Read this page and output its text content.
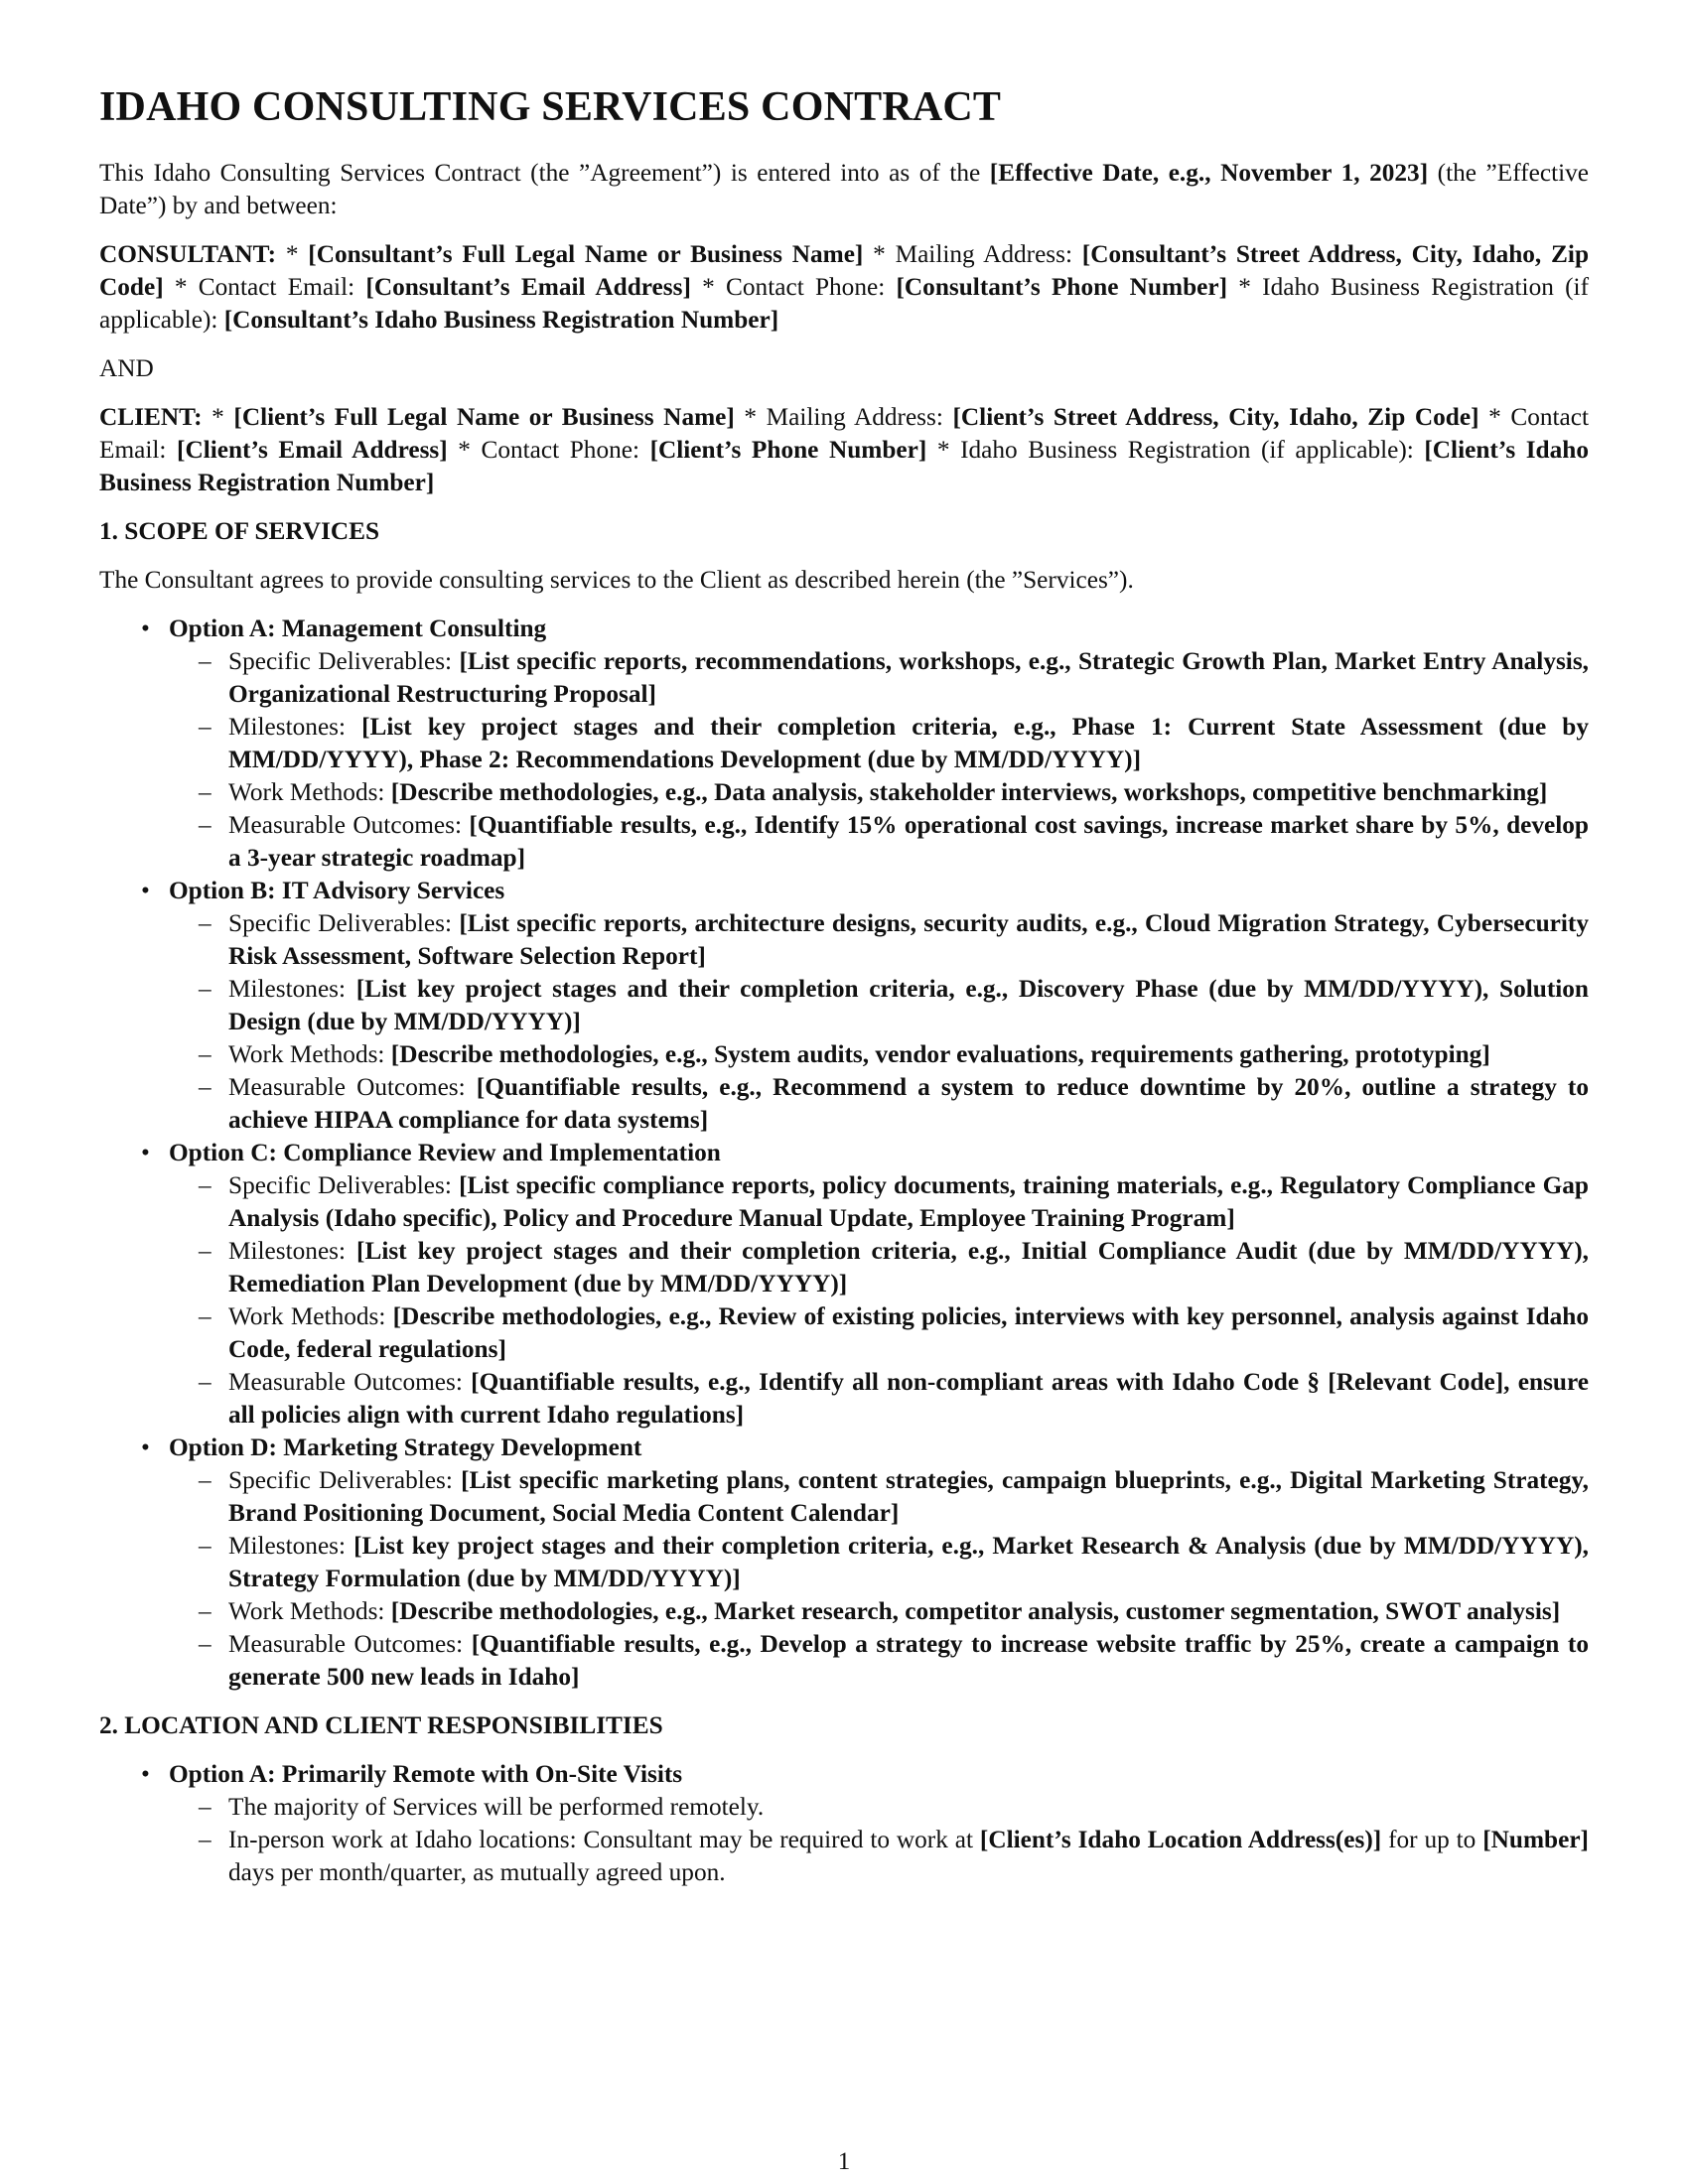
IDAHO CONSULTING SERVICES CONTRACT

This Idaho Consulting Services Contract (the ”Agreement”) is entered into as of the [Effective Date, e.g., November 1, 2023] (the ”Effective Date”) by and between:

CONSULTANT: * [Consultant’s Full Legal Name or Business Name] * Mailing Address: [Consultant’s Street Address, City, Idaho, Zip Code] * Contact Email: [Consultant’s Email Address] * Contact Phone: [Consultant’s Phone Number] * Idaho Business Registration (if applicable): [Consultant’s Idaho Business Registration Number]

AND

CLIENT: * [Client’s Full Legal Name or Business Name] * Mailing Address: [Client’s Street Address, City, Idaho, Zip Code] * Contact Email: [Client’s Email Address] * Contact Phone: [Client’s Phone Number] * Idaho Business Registration (if applicable): [Client’s Idaho Business Registration Number]

1. SCOPE OF SERVICES

The Consultant agrees to provide consulting services to the Client as described herein (the ”Services”).

• Option A: Management Consulting
– Specific Deliverables: [List specific reports, recommendations, workshops, e.g., Strategic Growth Plan, Market Entry Analysis, Organizational Restructuring Proposal]
– Milestones: [List key project stages and their completion criteria, e.g., Phase 1: Current State Assessment (due by MM/DD/YYYY), Phase 2: Recommendations Development (due by MM/DD/YYYY)]
– Work Methods: [Describe methodologies, e.g., Data analysis, stakeholder interviews, workshops, competitive benchmarking]
– Measurable Outcomes: [Quantifiable results, e.g., Identify 15% operational cost savings, increase market share by 5%, develop a 3-year strategic roadmap]
• Option B: IT Advisory Services
– Specific Deliverables: [List specific reports, architecture designs, security audits, e.g., Cloud Migration Strategy, Cybersecurity Risk Assessment, Software Selection Report]
– Milestones: [List key project stages and their completion criteria, e.g., Discovery Phase (due by MM/DD/YYYY), Solution Design (due by MM/DD/YYYY)]
– Work Methods: [Describe methodologies, e.g., System audits, vendor evaluations, requirements gathering, prototyping]
– Measurable Outcomes: [Quantifiable results, e.g., Recommend a system to reduce downtime by 20%, outline a strategy to achieve HIPAA compliance for data systems]
• Option C: Compliance Review and Implementation
– Specific Deliverables: [List specific compliance reports, policy documents, training materials, e.g., Regulatory Compliance Gap Analysis (Idaho specific), Policy and Procedure Manual Update, Employee Training Program]
– Milestones: [List key project stages and their completion criteria, e.g., Initial Compliance Audit (due by MM/DD/YYYY), Remediation Plan Development (due by MM/DD/YYYY)]
– Work Methods: [Describe methodologies, e.g., Review of existing policies, interviews with key personnel, analysis against Idaho Code, federal regulations]
– Measurable Outcomes: [Quantifiable results, e.g., Identify all non-compliant areas with Idaho Code § [Relevant Code], ensure all policies align with current Idaho regulations]
• Option D: Marketing Strategy Development
– Specific Deliverables: [List specific marketing plans, content strategies, campaign blueprints, e.g., Digital Marketing Strategy, Brand Positioning Document, Social Media Content Calendar]
– Milestones: [List key project stages and their completion criteria, e.g., Market Research & Analysis (due by MM/DD/YYYY), Strategy Formulation (due by MM/DD/YYYY)]
– Work Methods: [Describe methodologies, e.g., Market research, competitor analysis, customer segmentation, SWOT analysis]
– Measurable Outcomes: [Quantifiable results, e.g., Develop a strategy to increase website traffic by 25%, create a campaign to generate 500 new leads in Idaho]
2. LOCATION AND CLIENT RESPONSIBILITIES
• Option A: Primarily Remote with On-Site Visits
– The majority of Services will be performed remotely.
– In-person work at Idaho locations: Consultant may be required to work at [Client’s Idaho Location Address(es)] for up to [Number] days per month/quarter, as mutually agreed upon.
1
